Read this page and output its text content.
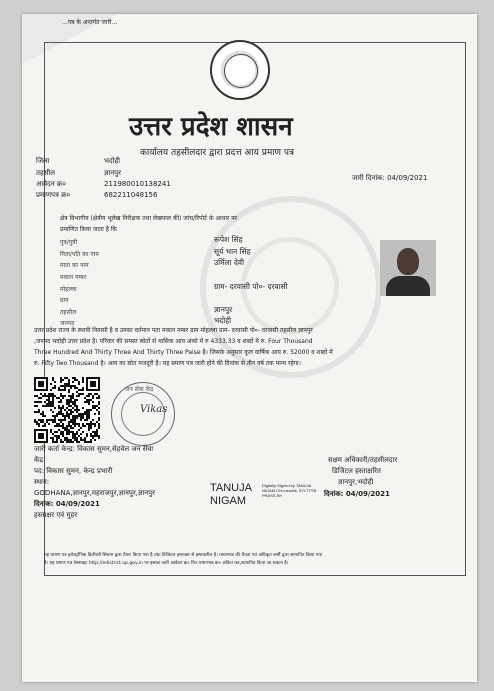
...पत्र के अन्तर्गत जारी...
उत्तर प्रदेश शासन
कार्यालय तहसीलदार द्वारा प्रदत्त आय प्रमाण पत्र
जिला	भदोही
तहसील	ज्ञानपुर
आवेदन क्र०	211980010138241
प्रमाणपत्र क्र०	682211048156
जारी दिनांक: 04/09/2021
क्षेत्र विभागीय (क्षेत्रीय भूलेख निरीक्षक तथा लेखपाल की) जांच/रिपोर्ट के आधार पर
प्रमाणित किया जाता है कि
पुत्र/पुत्री	रूपेश सिंह
पिता/पति का नाम	सूर्य भान सिंह
माता का नाम	उर्मिला देवी
मकान नम्बर
मोहल्ला	ग्राम- दरवासी पो०- दरवासी
ग्राम
तहसील	ज्ञानपुर
जनपद	भदोही
उत्तर प्रदेश राज्य के स्थायी निवासी है व उनका वर्तमान पता मकान नम्बर ग्राम मोहल्ला ग्राम- दरवासी पो०- दरवासी तहसील ज्ञानपुर
,जनपद भदोही उत्तर प्रदेश है। परिवार की समस्त स्रोतों से मासिक आय अंको में रु 4333.33 व शब्दों में रु. Four Thousand
Three Hundred And Thirty Three And Thirty Three Paise है। जिसके अनुसार कुल वार्षिक आय रु. 52000 व शब्दों में
रु. Fifty Two Thousand है। आय का स्रोत मजदूरी है। यह प्रमाण पत्र जारी होने की दिनांक से तीन वर्ष तक मान्य रहेगा।
जन सेवा केंद्र
Vikas
जारी कर्ता केन्द्र: विकास सुमन,सेहवेल जन सेवा
केंद्र
पद: विकास सुमन, केन्द्र प्रभारी
स्थान:
GODHANA,ज्ञानपुर,महराजपुर,ज्ञानपुर,ज्ञानपुर
दिनांक: 04/09/2021
हस्ताक्षर एवं मुहर
TANUJA
NIGAM
Digitally Signed by TANUJA NIGAM CN=newbill, SYLTTSR PRASS.SH
सक्षम अधिकारी/तहसीलदार
डिजिटल हस्ताक्षरित
ज्ञानपुर,भदोही
दिनांक: 04/09/2021
यह प्रमाण पत्र इलेक्ट्रॉनिक डिलीवरी सिस्टम द्वारा तैयार किया गया है तथा डिजिटल हस्ताक्षर से हस्ताक्षरित है। प्रमाणपत्र की वैधता एवं अधिकृत कर्मी द्वारा सत्यापित किया गया
है। यह प्रमाण पत्र वेबसाइट http://edistrict.up.gov.in पर इसका जारी आवेदन क्र० फिर प्रमाणपत्र क्र० अंकित कर,सत्यापित किया जा सकता है।
